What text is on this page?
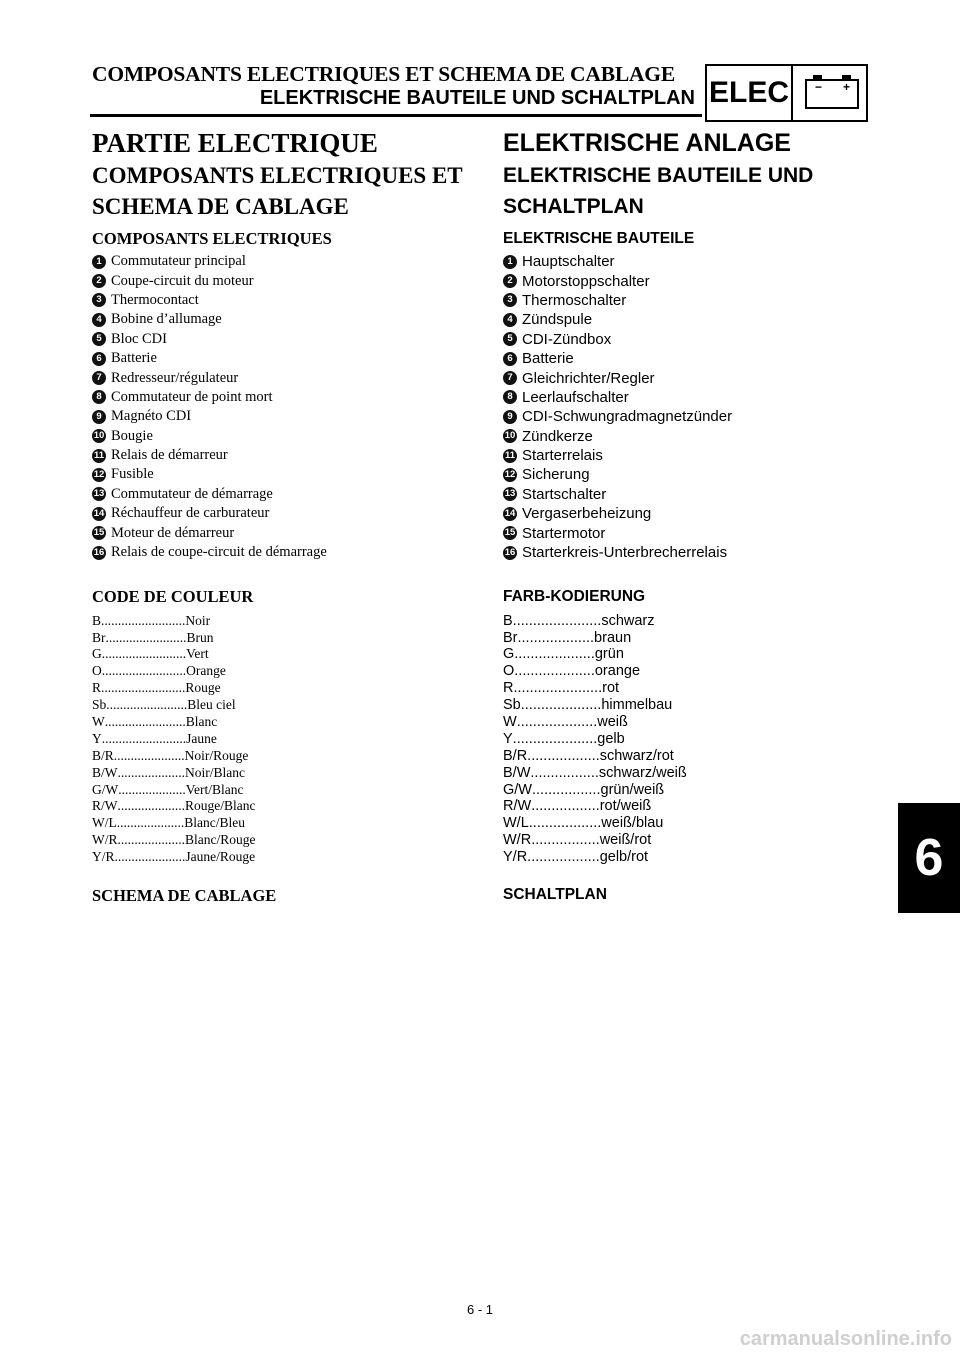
COMPOSANTS ELECTRIQUES ET SCHEMA DE CABLAGE
ELEKTRISCHE BAUTEILE UND SCHALTPLAN ELEC	− +
PARTIE ELECTRIQUE
COMPOSANTS ELECTRIQUES ET
SCHEMA DE CABLAGE
COMPOSANTS ELECTRIQUES
1 Commutateur principal
2 Coupe-circuit du moteur
3 Thermocontact
4 Bobine d’allumage
5 Bloc CDI
6 Batterie
7 Redresseur/régulateur
8 Commutateur de point mort
9 Magnéto CDI
10 Bougie
11 Relais de démarreur
12 Fusible
13 Commutateur de démarrage
14 Réchauffeur de carburateur
15 Moteur de démarreur
16 Relais de coupe-circuit de démarrage
CODE DE COULEUR
B ......................... Noir
Br ........................ Brun
G ......................... Vert
O ......................... Orange
R ......................... Rouge
Sb ........................ Bleu ciel
W ........................ Blanc
Y ......................... Jaune
B/R ..................... Noir/Rouge
B/W .................... Noir/Blanc
G/W .................... Vert/Blanc
R/W .................... Rouge/Blanc
W/L .................... Blanc/Bleu
W/R .................... Blanc/Rouge
Y/R ..................... Jaune/Rouge
SCHEMA DE CABLAGE
ELEKTRISCHE ANLAGE
ELEKTRISCHE BAUTEILE UND
SCHALTPLAN
ELEKTRISCHE BAUTEILE
1 Hauptschalter
2 Motorstoppschalter
3 Thermoschalter
4 Zündspule
5 CDI-Zündbox
6 Batterie
7 Gleichrichter/Regler
8 Leerlaufschalter
9 CDI-Schwungradmagnetzünder
10 Zündkerze
11 Starterrelais
12 Sicherung
13 Startschalter
14 Vergaserbeheizung
15 Startermotor
16 Starterkreis-Unterbrecherrelais
FARB-KODIERUNG
B ...................... schwarz
Br ................... braun
G .................... grün
O .................... orange
R ...................... rot
Sb .................... himmelbau
W .................... weiß
Y ..................... gelb
B/R .................. schwarz/rot
B/W ................. schwarz/weiß
G/W ................. grün/weiß
R/W ................. rot/weiß
W/L .................. weiß/blau
W/R ................. weiß/rot
Y/R .................. gelb/rot
SCHALTPLAN
6
6 - 1
carmanualsonline.info
